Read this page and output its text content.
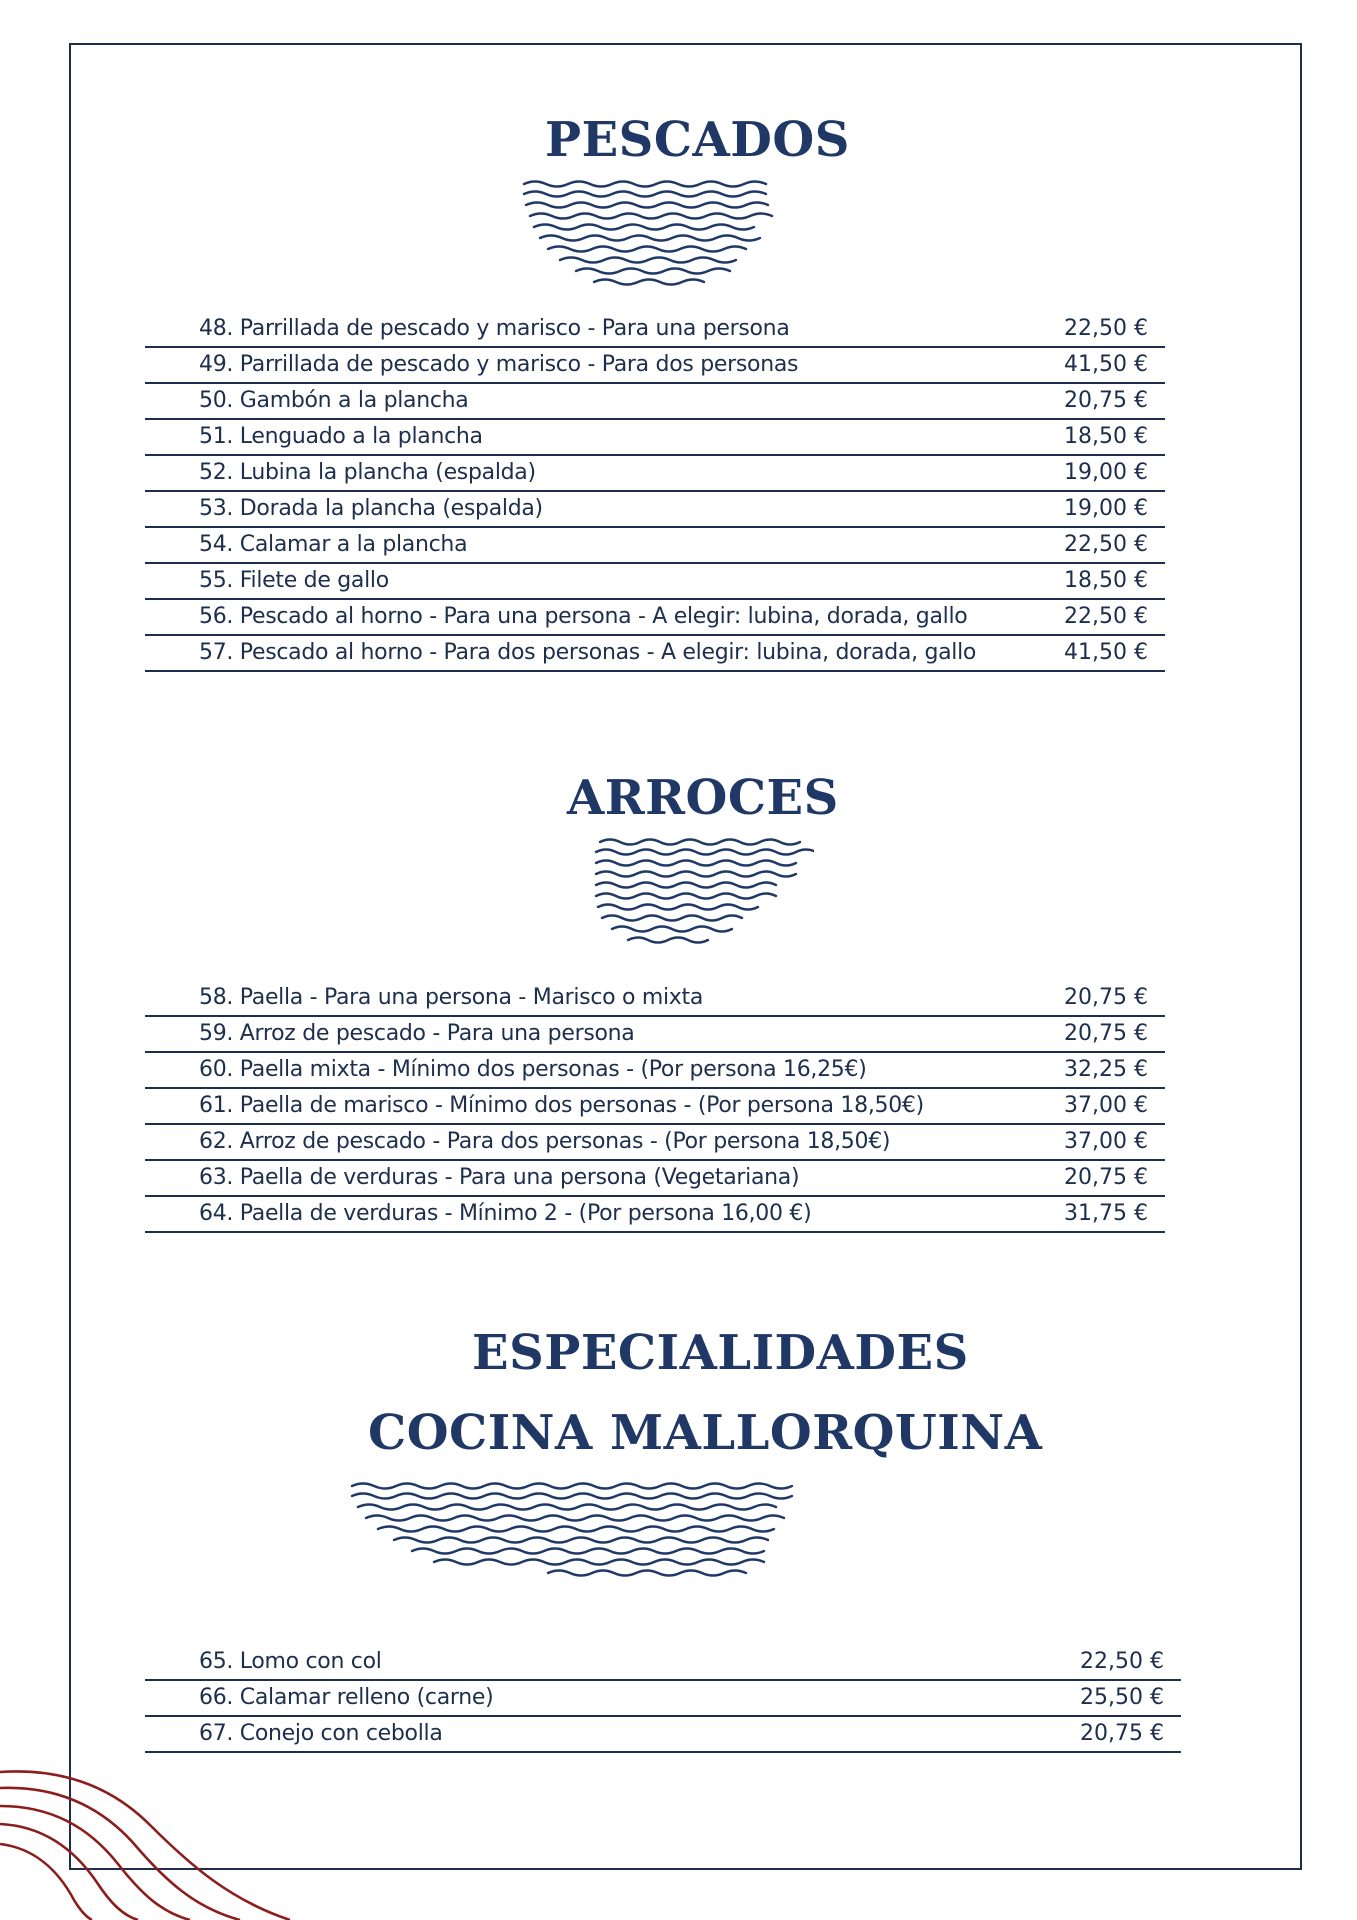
PESCADOS
48. Parrillada de pescado y marisco - Para una persona	22,50 €
49. Parrillada de pescado y marisco - Para dos personas	41,50 €
50. Gambón a la plancha	20,75 €
51. Lenguado a la plancha	18,50 €
52. Lubina la plancha (espalda)	19,00 €
53. Dorada la plancha (espalda)	19,00 €
54. Calamar a la plancha	22,50 €
55. Filete de gallo	18,50 €
56. Pescado al horno - Para una persona - A elegir: lubina, dorada, gallo	22,50 €
57. Pescado al horno - Para dos personas - A elegir: lubina, dorada, gallo	41,50 €
ARROCES
58. Paella - Para una persona - Marisco o mixta	20,75 €
59. Arroz de pescado - Para una persona	20,75 €
60. Paella mixta - Mínimo dos personas - (Por persona 16,25€)	32,25 €
61. Paella de marisco - Mínimo dos personas - (Por persona 18,50€)	37,00 €
62. Arroz de pescado - Para dos personas - (Por persona 18,50€)	37,00 €
63. Paella de verduras - Para una persona (Vegetariana)	20,75 €
64. Paella de verduras - Mínimo 2 - (Por persona 16,00 €)	31,75 €
ESPECIALIDADES
COCINA MALLORQUINA
65. Lomo con col	22,50 €
66. Calamar relleno (carne)	25,50 €
67. Conejo con cebolla	20,75 €
